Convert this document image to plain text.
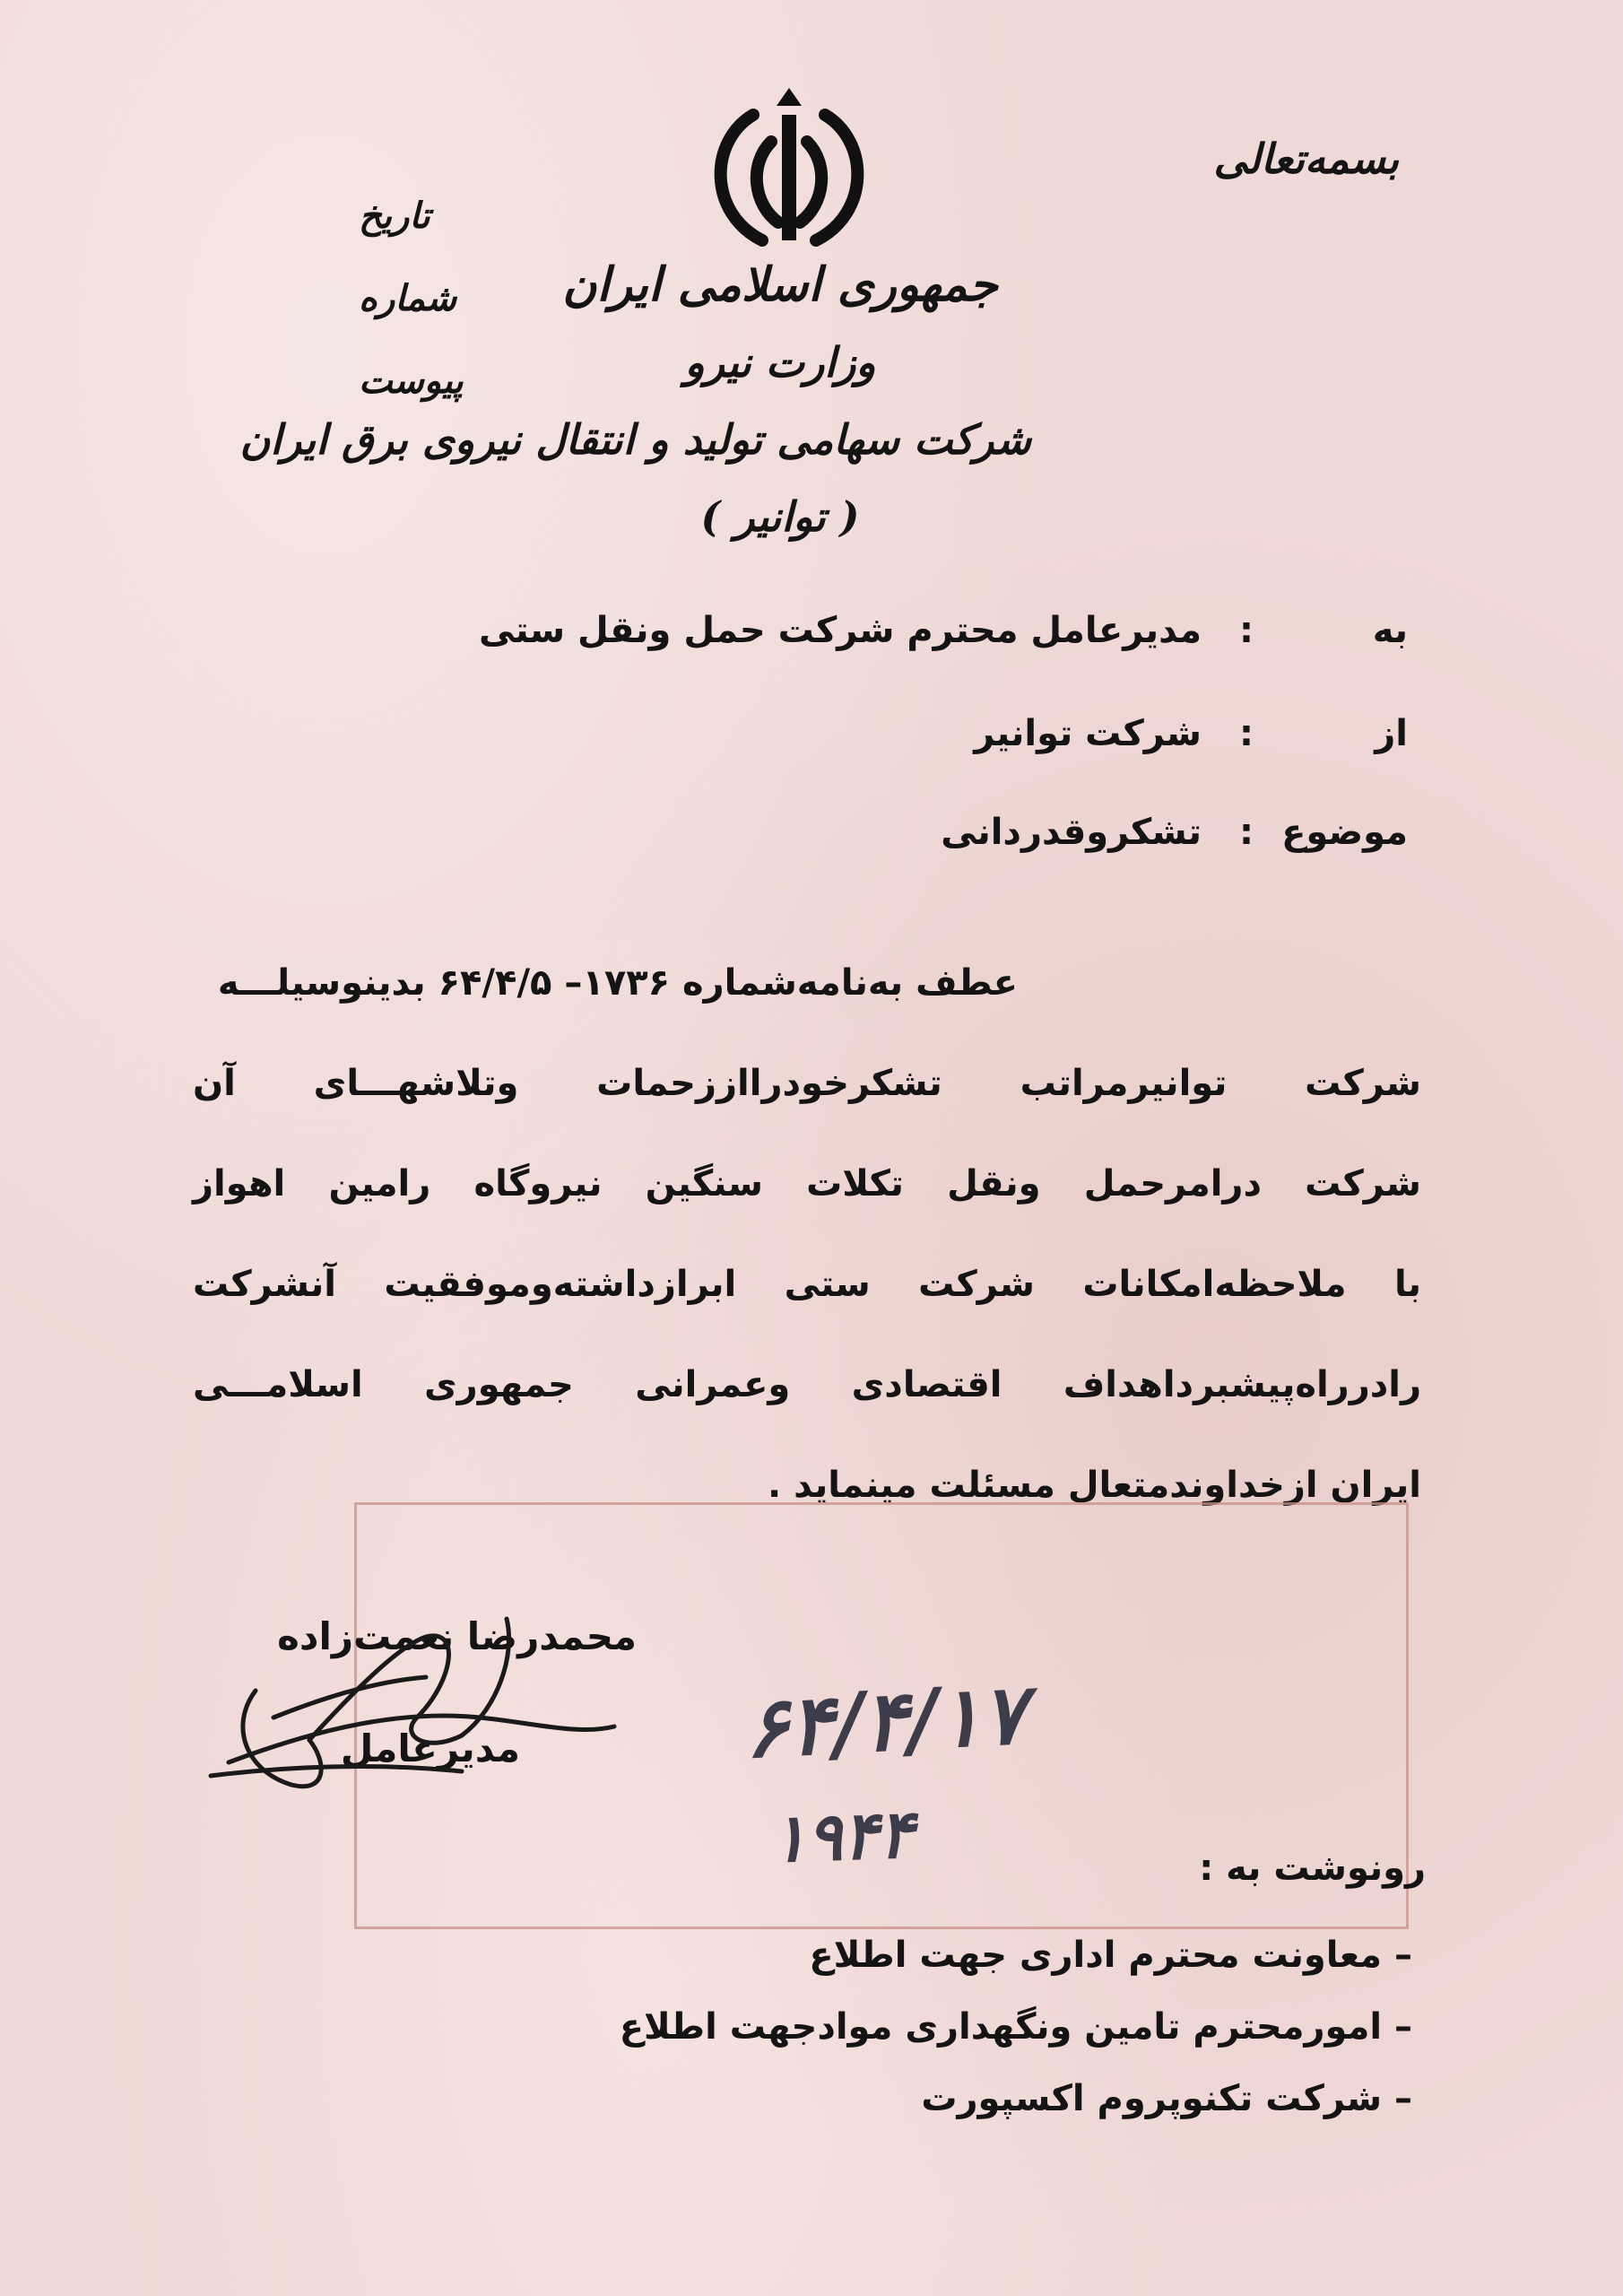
تاریخ
شماره
پیوست
بسمه‌تعالی
جمهوری اسلامی ایران
وزارت نیرو
شرکت سهامی تولید و انتقال نیروی برق ایران
( توانیر )
به
:
مدیرعامل محترم شرکت حمل ونقل ستی
از
:
شرکت توانیر
موضوع
:
تشکروقدردانی
عطف به‌نامه‌شماره ۱۷۳۶– ۶۴/۴/۵ بدینوسیلـــه
شرکت توانیرمراتب تشکرخودرااززحمات وتلاشهـــای آن
شرکت درامرحمل ونقل تکلات سنگین نیروگاه رامین اهواز
با ملاحظه‌امکانات شرکت ستی ابرازداشته‌وموفقیت آنشرکت
رادرراه‌پیشبرداهداف اقتصادی وعمرانی جمهوری اسلامـــی
ایران ازخداوندمتعال مسئلت مینماید .
محمدرضا نعمت‌زاده
مدیرعامل	۶۴/۴/۱۷
۱۹۴۴	رونوشت به :
– معاونت محترم اداری جهت اطلاع
– امورمحترم تامین ونگهداری موادجهت اطلاع
– شرکت تکنوپروم اکسپورت
